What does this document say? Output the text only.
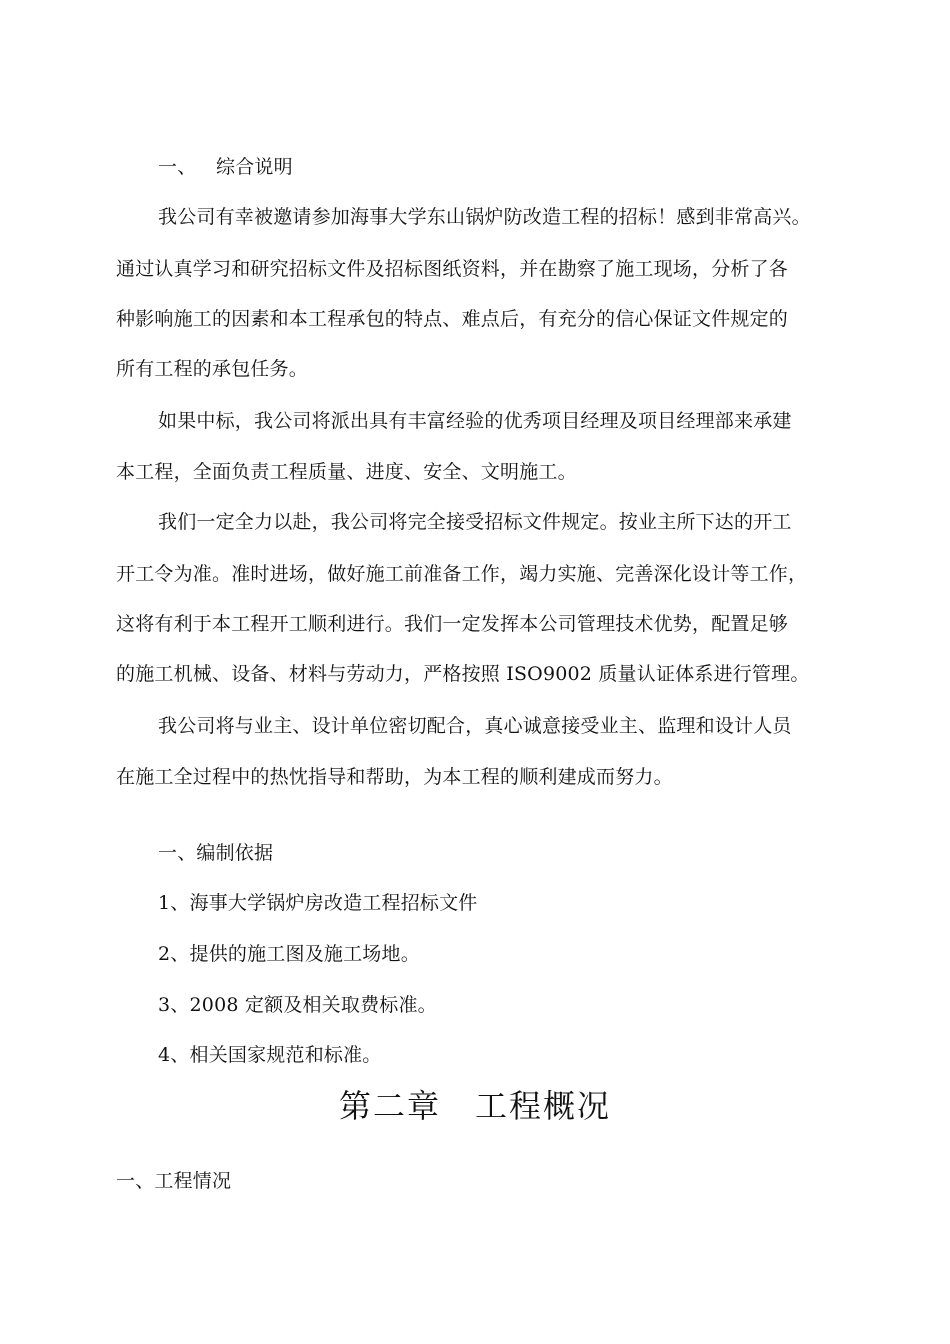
一、 综合说明
我公司有幸被邀请参加海事大学东山锅炉防改造工程的招标！感到非常高兴。
通过认真学习和研究招标文件及招标图纸资料，并在勘察了施工现场，分析了各
种影响施工的因素和本工程承包的特点、难点后，有充分的信心保证文件规定的
所有工程的承包任务。
如果中标，我公司将派出具有丰富经验的优秀项目经理及项目经理部来承建
本工程，全面负责工程质量、进度、安全、文明施工。
我们一定全力以赴，我公司将完全接受招标文件规定。按业主所下达的开工
开工令为准。准时进场，做好施工前准备工作，竭力实施、完善深化设计等工作，
这将有利于本工程开工顺利进行。我们一定发挥本公司管理技术优势，配置足够
的施工机械、设备、材料与劳动力，严格按照 ISO9002 质量认证体系进行管理。
我公司将与业主、设计单位密切配合，真心诚意接受业主、监理和设计人员
在施工全过程中的热忱指导和帮助，为本工程的顺利建成而努力。
一、编制依据
1、海事大学锅炉房改造工程招标文件
2、提供的施工图及施工场地。
3、2008 定额及相关取费标准。
4、相关国家规范和标准。
第二章 工程概况
一、工程情况
